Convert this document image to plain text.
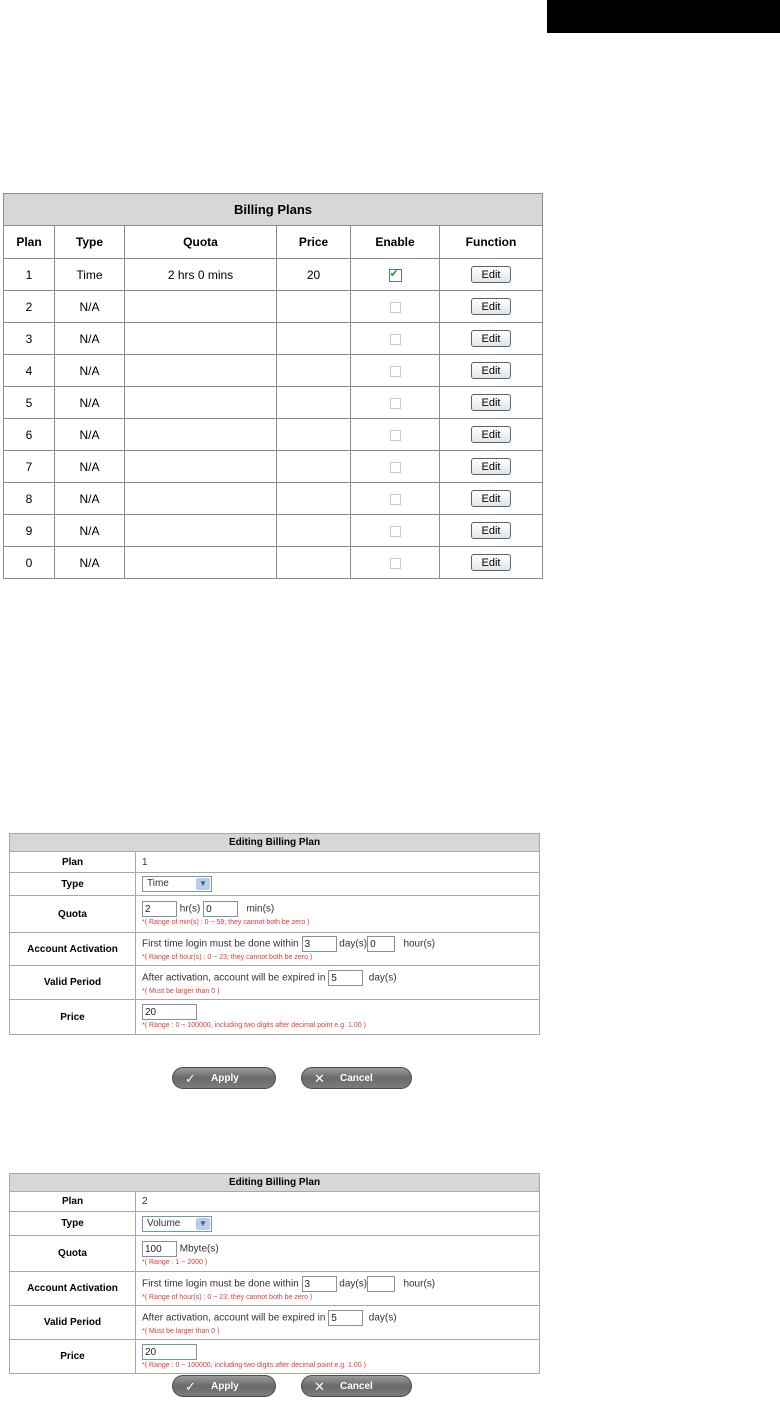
Billing Plans					
Plan	Type	Quota	Price	Enable	Function
1	Time	2 hrs 0 mins	20	✔	Edit
2	N/A				Edit
3	N/A				Edit
4	N/A				Edit
5	N/A				Edit
6	N/A				Edit
7	N/A				Edit
8	N/A				Edit
9	N/A				Edit
0	N/A				Edit
Editing Billing Plan	
Plan	1
Type	Time ▼

Quota	2 hr(s) 0 min(s)
*( Range of min(s) : 0 ~ 59; they cannot both be zero )

Account Activation	First time login must be done within 3 day(s) 0 hour(s)
*( Range of hour(s) : 0 ~ 23; they cannot both be zero )

Valid Period	After activation, account will be expired in 5 day(s)
*( Must be larger than 0 )

Price	20
*( Range : 0 ~ 100000, including two digits after decimal point e.g. 1.00 )
✓ Apply	✕ Cancel
Editing Billing Plan	
Plan	2
Type	Volume ▼

Quota	100 Mbyte(s)
*( Range : 1 ~ 2000 )

Account Activation	First time login must be done within 3 day(s) hour(s)
*( Range of hour(s) : 0 ~ 23; they cannot both be zero )

Valid Period	After activation, account will be expired in 5 day(s)
*( Must be larger than 0 )

Price	20
*( Range : 0 ~ 100000, including two digits after decimal point e.g. 1.00 )
✓ Apply	✕ Cancel
